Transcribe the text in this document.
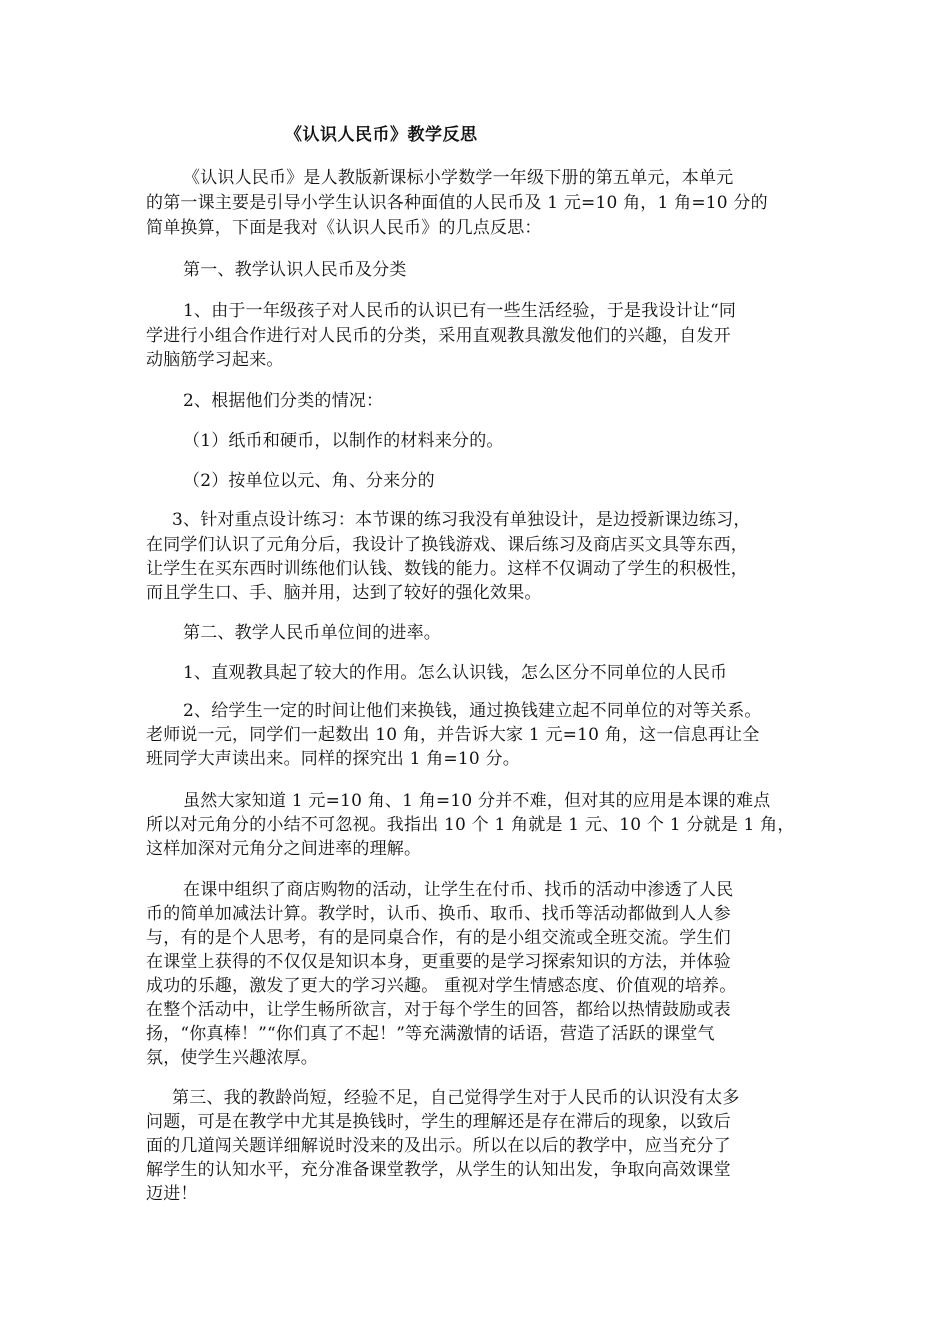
《认识人民币》教学反思
《认识人民币》是人教版新课标小学数学一年级下册的第五单元，本单元
的第一课主要是引导小学生认识各种面值的人民币及 1 元=10 角，1 角=10 分的
简单换算，下面是我对《认识人民币》的几点反思：
第一、教学认识人民币及分类
1、由于一年级孩子对人民币的认识已有一些生活经验，于是我设计让“同
学进行小组合作进行对人民币的分类，采用直观教具激发他们的兴趣，自发开
动脑筋学习起来。
2、根据他们分类的情况：
（1）纸币和硬币，以制作的材料来分的。
（2）按单位以元、角、分来分的
3、针对重点设计练习：本节课的练习我没有单独设计，是边授新课边练习，
在同学们认识了元角分后，我设计了换钱游戏、课后练习及商店买文具等东西，
让学生在买东西时训练他们认钱、数钱的能力。这样不仅调动了学生的积极性，
而且学生口、手、脑并用，达到了较好的强化效果。
第二、教学人民币单位间的进率。
1、直观教具起了较大的作用。怎么认识钱，怎么区分不同单位的人民币
2、给学生一定的时间让他们来换钱，通过换钱建立起不同单位的对等关系。
老师说一元，同学们一起数出 10 角，并告诉大家 1 元=10 角，这一信息再让全
班同学大声读出来。同样的探究出 1 角=10 分。
虽然大家知道 1 元=10 角、1 角=10 分并不难，但对其的应用是本课的难点
所以对元角分的小结不可忽视。我指出 10 个 1 角就是 1 元、10 个 1 分就是 1 角，
这样加深对元角分之间进率的理解。
在课中组织了商店购物的活动，让学生在付币、找币的活动中渗透了人民
币的简单加减法计算。教学时，认币、换币、取币、找币等活动都做到人人参
与，有的是个人思考，有的是同桌合作，有的是小组交流或全班交流。学生们
在课堂上获得的不仅仅是知识本身，更重要的是学习探索知识的方法，并体验
成功的乐趣，激发了更大的学习兴趣。 重视对学生情感态度、价值观的培养。
在整个活动中，让学生畅所欲言，对于每个学生的回答，都给以热情鼓励或表
扬，“你真棒！”“你们真了不起！”等充满激情的话语，营造了活跃的课堂气
氛，使学生兴趣浓厚。
第三、我的教龄尚短，经验不足，自己觉得学生对于人民币的认识没有太多
问题，可是在教学中尤其是换钱时，学生的理解还是存在滞后的现象，以致后
面的几道闯关题详细解说时没来的及出示。所以在以后的教学中，应当充分了
解学生的认知水平，充分准备课堂教学，从学生的认知出发，争取向高效课堂
迈进！
